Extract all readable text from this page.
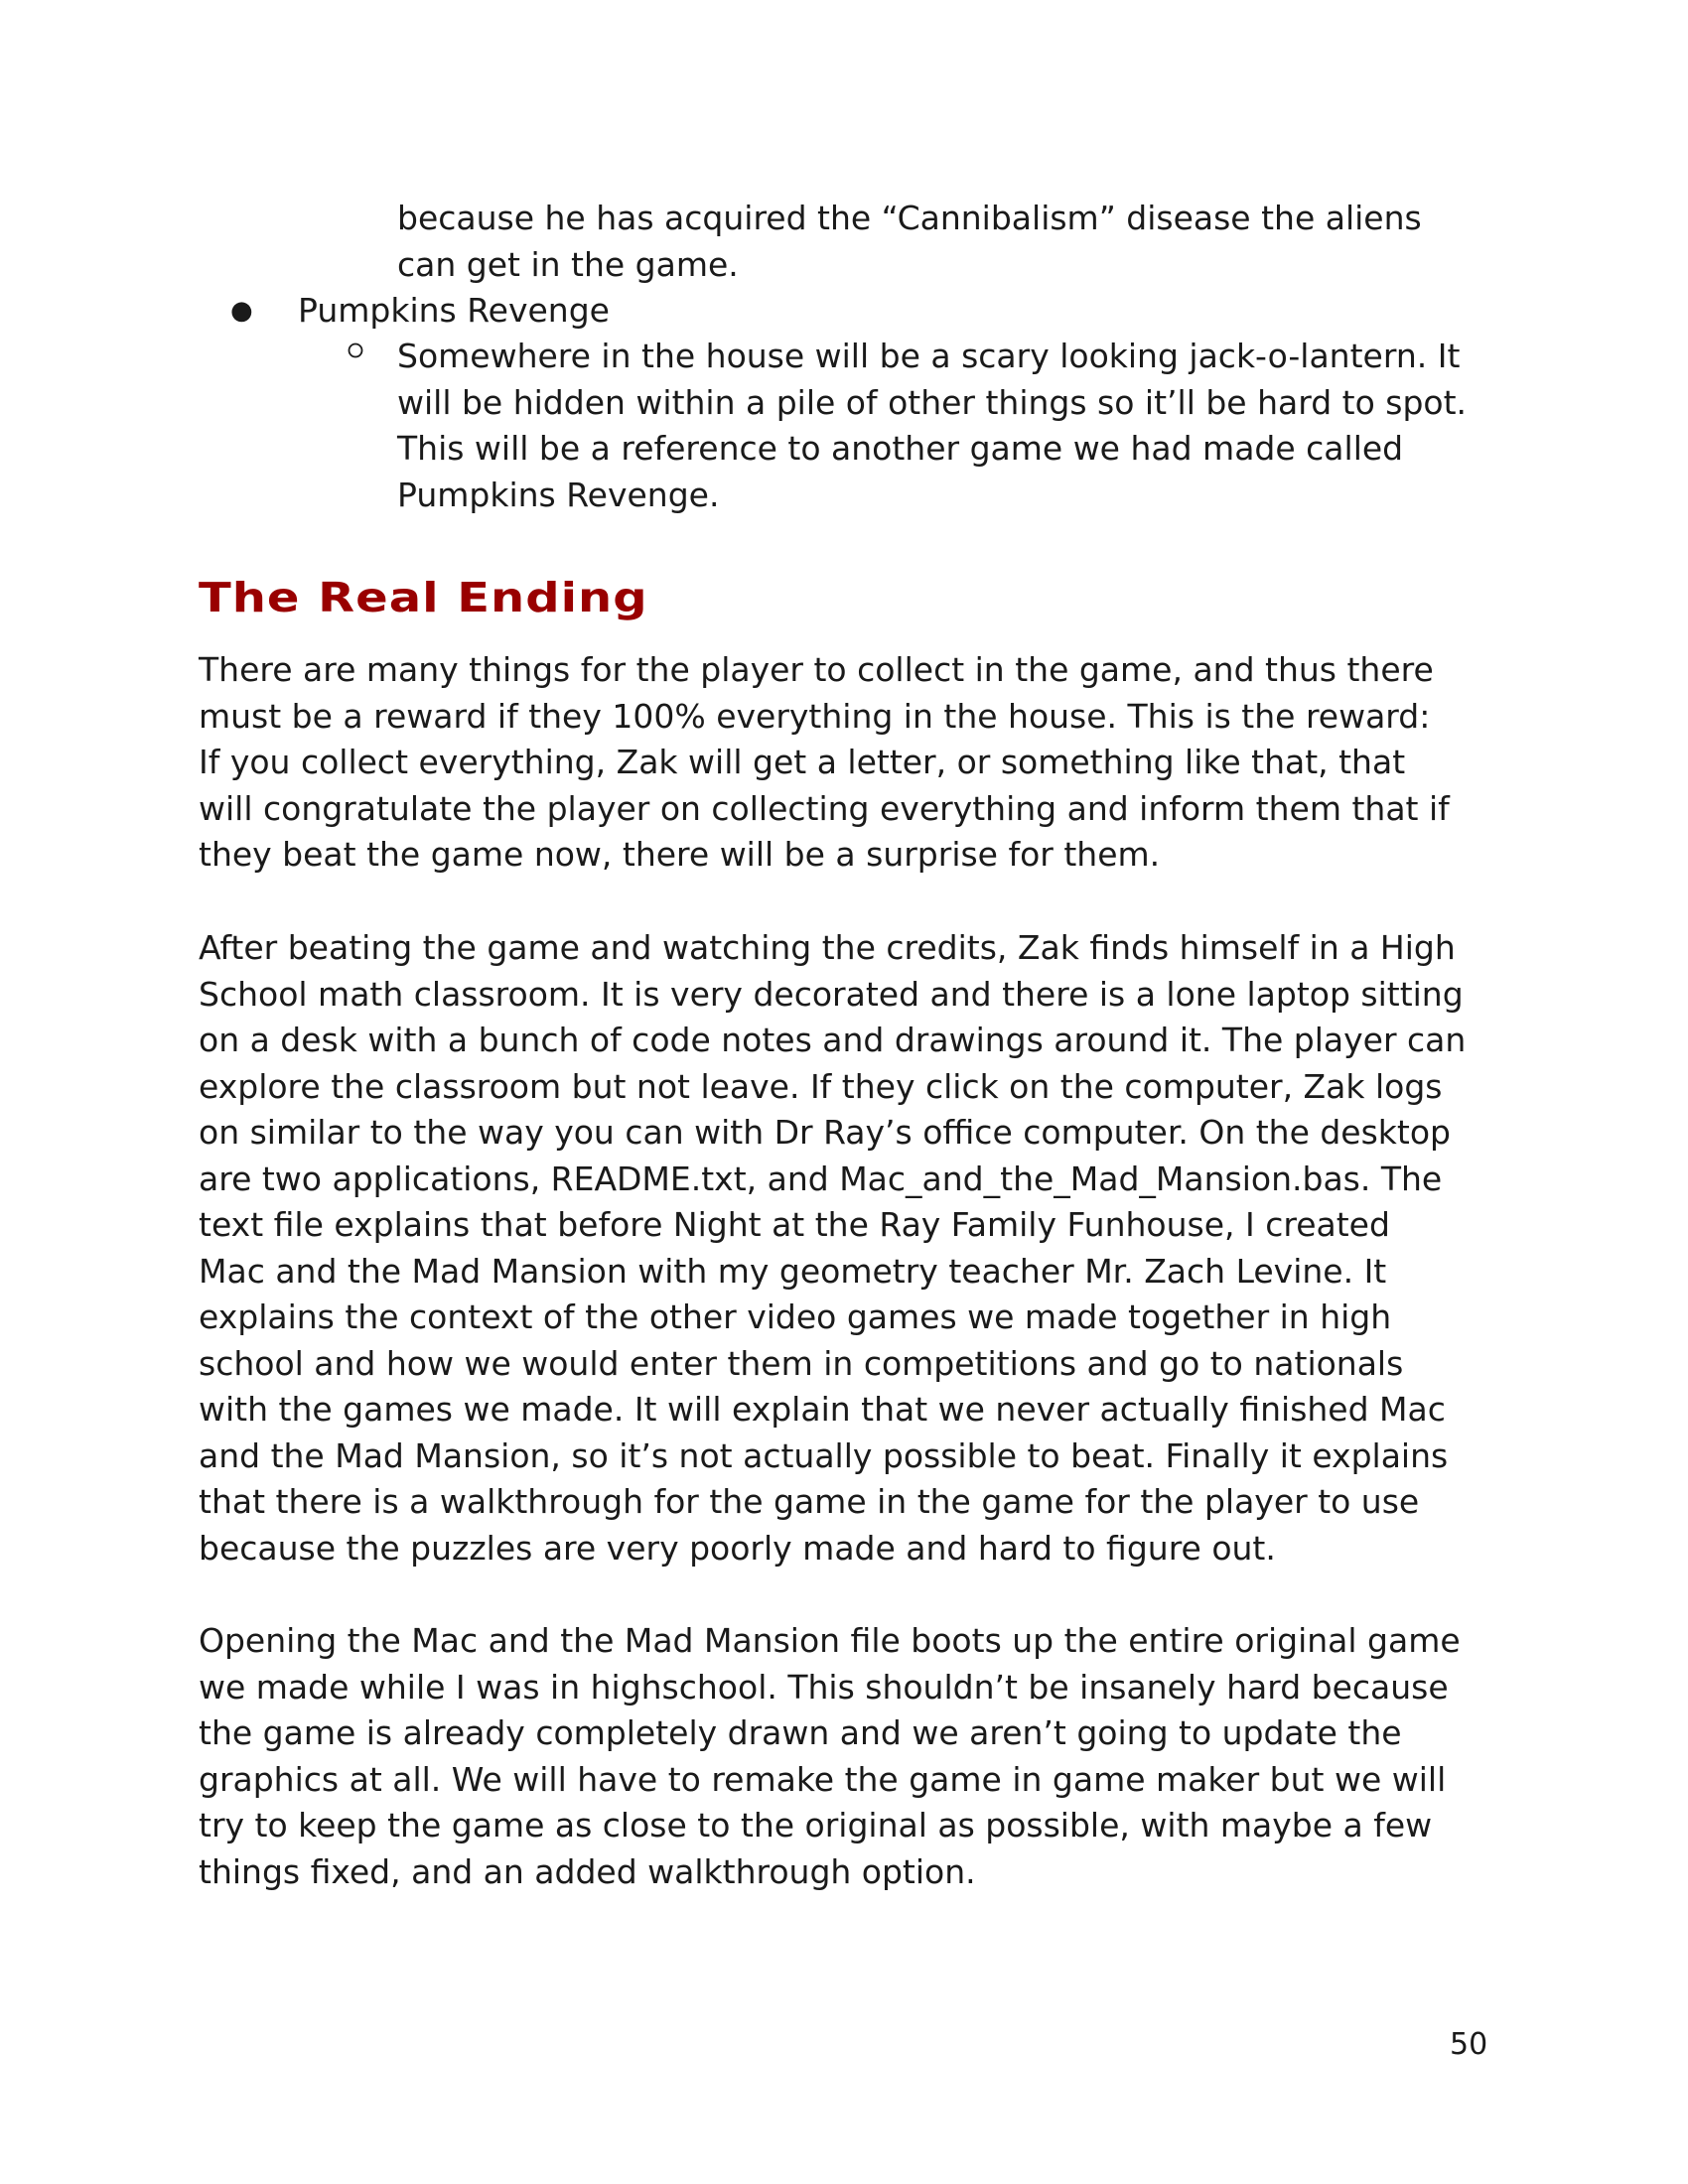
because he has acquired the “Cannibalism” disease the aliens
can get in the game.
● Pumpkins Revenge
Somewhere in the house will be a scary looking jack-o-lantern. It
will be hidden within a pile of other things so it’ll be hard to spot.
This will be a reference to another game we had made called
Pumpkins Revenge.
The Real Ending
There are many things for the player to collect in the game, and thus there
must be a reward if they 100% everything in the house. This is the reward:
If you collect everything, Zak will get a letter, or something like that, that
will congratulate the player on collecting everything and inform them that if
they beat the game now, there will be a surprise for them.
After beating the game and watching the credits, Zak finds himself in a High
School math classroom. It is very decorated and there is a lone laptop sitting
on a desk with a bunch of code notes and drawings around it. The player can
explore the classroom but not leave. If they click on the computer, Zak logs
on similar to the way you can with Dr Ray’s office computer. On the desktop
are two applications, README.txt, and Mac_and_the_Mad_Mansion.bas. The
text file explains that before Night at the Ray Family Funhouse, I created
Mac and the Mad Mansion with my geometry teacher Mr. Zach Levine. It
explains the context of the other video games we made together in high
school and how we would enter them in competitions and go to nationals
with the games we made. It will explain that we never actually finished Mac
and the Mad Mansion, so it’s not actually possible to beat. Finally it explains
that there is a walkthrough for the game in the game for the player to use
because the puzzles are very poorly made and hard to figure out.
Opening the Mac and the Mad Mansion file boots up the entire original game
we made while I was in highschool. This shouldn’t be insanely hard because
the game is already completely drawn and we aren’t going to update the
graphics at all. We will have to remake the game in game maker but we will
try to keep the game as close to the original as possible, with maybe a few
things fixed, and an added walkthrough option.
50
